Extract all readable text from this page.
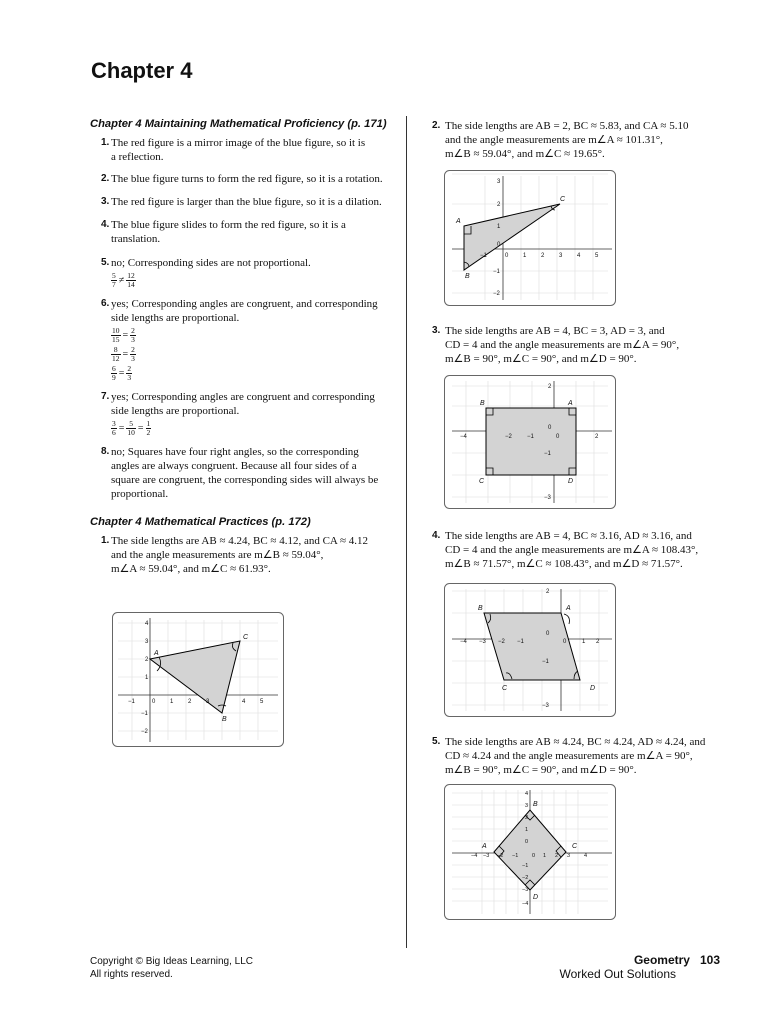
Chapter 4
Chapter 4 Maintaining Mathematical Proficiency (p. 171)
1. The red figure is a mirror image of the blue figure, so it is
a reflection.
2. The blue figure turns to form the red figure, so it is a rotation.
3. The red figure is larger than the blue figure, so it is a dilation.
4. The blue figure slides to form the red figure, so it is a
translation.
5. no; Corresponding sides are not proportional.
$\frac{5}{7} \ne \frac{12}{14}$
6. yes; Corresponding angles are congruent, and corresponding
side lengths are proportional.
$\frac{10}{15} = \frac{2}{3}$
$\frac{8}{12} = \frac{2}{3}$
$\frac{6}{9} = \frac{2}{3}$
7. yes; Corresponding angles are congruent and corresponding
side lengths are proportional.
$\frac{3}{6} = \frac{5}{10} = \frac{1}{2}$
8. no; Squares have four right angles, so the corresponding
angles are always congruent. Because all four sides of a
square are congruent, the corresponding sides will always be
proportional.
Chapter 4 Mathematical Practices (p. 172)
1. The side lengths are AB ≈ 4.24, BC ≈ 4.12, and CA ≈ 4.12
and the angle measurements are m∠B ≈ 59.04°,
m∠A ≈ 59.04°, and m∠C ≈ 61.93°.
−1	0 1 2 3	4 5
4
3
2
1
−1
−2
A
B
C
2. The side lengths are AB = 2, BC ≈ 5.83, and CA ≈ 5.10
and the angle measurements are m∠A ≈ 101.31°,
m∠B ≈ 59.04°, and m∠C ≈ 19.65°.
−1	0 1 2 3 4 5
3
2
1
0
−1
−2
A
B
C
3. The side lengths are AB = 4, BC = 3, AD = 3, and
CD = 4 and the angle measurements are m∠A = 90°,
m∠B = 90°, m∠C = 90°, and m∠D = 90°.
−4	−2	−1	0	2
2
0
−1
−3
A
B
C	D
4. The side lengths are AB = 4, BC ≈ 3.16, AD ≈ 3.16, and
CD = 4 and the angle measurements are m∠A ≈ 108.43°,
m∠B ≈ 71.57°, m∠C ≈ 108.43°, and m∠D ≈ 71.57°.
−4 −3 −2 −1	0	1 2
2
0
−1
−3
A
B
C	D
5. The side lengths are AB ≈ 4.24, BC ≈ 4.24, AD ≈ 4.24, and
CD ≈ 4.24 and the angle measurements are m∠A = 90°,
m∠B = 90°, m∠C = 90°, and m∠D = 90°.
−4 −3 −2 −1 0 1 2 3	4
4
3
2
1
0
−1
−2
−3
−4
A
B
C
D
Copyright © Big Ideas Learning, LLC
All rights reserved.
Geometry 103
Worked Out Solutions
